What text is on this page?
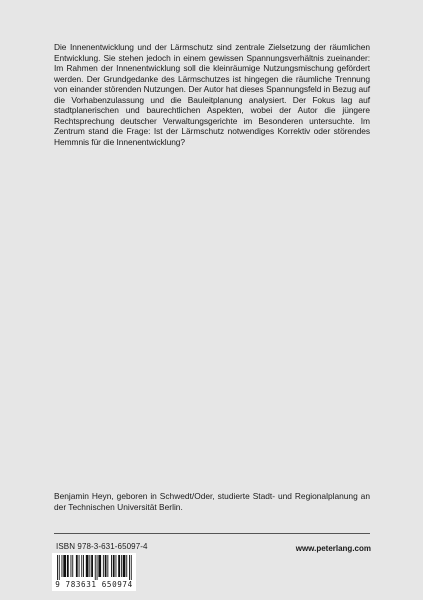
Die Innenentwicklung und der Lärmschutz sind zentrale Zielsetzung der räumlichen Entwicklung. Sie stehen jedoch in einem gewissen Spannungsverhältnis zueinander: Im Rahmen der Innenentwicklung soll die kleinräumige Nutzungsmischung gefördert werden. Der Grundgedanke des Lärmschutzes ist hingegen die räumliche Trennung von einander störenden Nutzungen. Der Autor hat dieses Spannungsfeld in Bezug auf die Vorhabenzulassung und die Bauleitplanung analysiert. Der Fokus lag auf stadtplanerischen und baurechtlichen Aspekten, wobei der Autor die jüngere Rechtsprechung deutscher Verwaltungsgerichte im Besonderen untersuchte. Im Zentrum stand die Frage: Ist der Lärmschutz notwendiges Korrektiv oder störendes Hemmnis für die Innenentwicklung?

Benjamin Heyn, geboren in Schwedt/Oder, studierte Stadt- und Regionalplanung an der Technischen Universität Berlin.

ISBN 978-3-631-65097-4
9 783631 650974
www.peterlang.com
